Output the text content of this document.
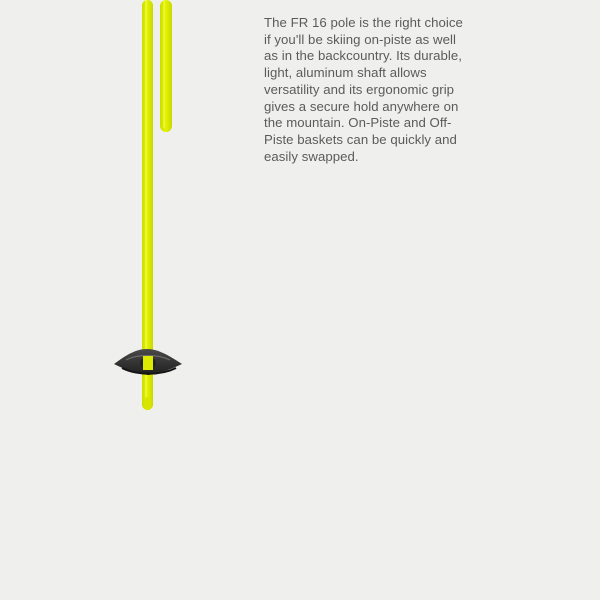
The FR 16 pole is the right choice
if you'll be skiing on-piste as well
as in the backcountry. Its durable,
light, aluminum shaft allows
versatility and its ergonomic grip
gives a secure hold anywhere on
the mountain. On-Piste and Off-
Piste baskets can be quickly and
easily swapped.
